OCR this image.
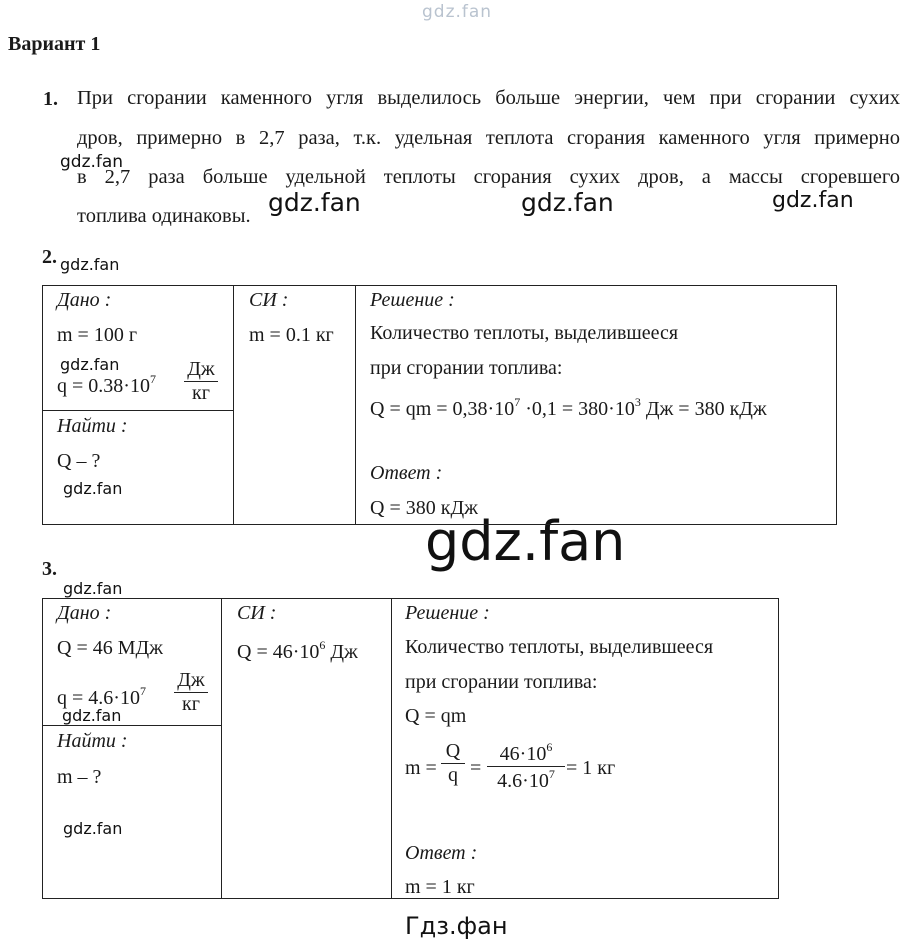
gdz.fan
gdz.fan
gdz.fan	gdz.fan	gdz.fan
gdz.fan
gdz.fan
gdz.fan
gdz.fan
gdz.fan
gdz.fan
gdz.fan
Гдз.фан
Вариант 1
1. При сгорании каменного угля выделилось больше энергии, чем при сгорании сухих
дров, примерно в 2,7 раза, т.к. удельная теплота сгорания каменного угля примерно
в 2,7 раза больше удельной теплоты сгорания сухих дров, а массы сгоревшего
топлива одинаковы.
2.
Дано :
m = 100 г
$q = 0.38\cdot 10^7$ Дж
кг
Найти :
Q – ?
СИ :
m = 0.1 кг
Решение :
Количество теплоты, выделившееся
при сгорании топлива:
Q = qm = $0,38\cdot 10^7 \cdot 0,1 = 380\cdot 10^3$ Дж = 380 кДж
Ответ :
Q = 380 кДж
3.
Дано :
Q = 46 МДж
$q = 4.6\cdot 10^7$ Дж
кг
Найти :
m – ?
СИ :
$Q = 46\cdot 10^6$ Дж
Решение :
Количество теплоты, выделившееся
при сгорании топлива:
Q = qm
$m = \frac{Q}{q} = \frac{46\cdot 10^6}{4.6\cdot 10^7} = 1$ кг
Ответ :
m = 1 кг
